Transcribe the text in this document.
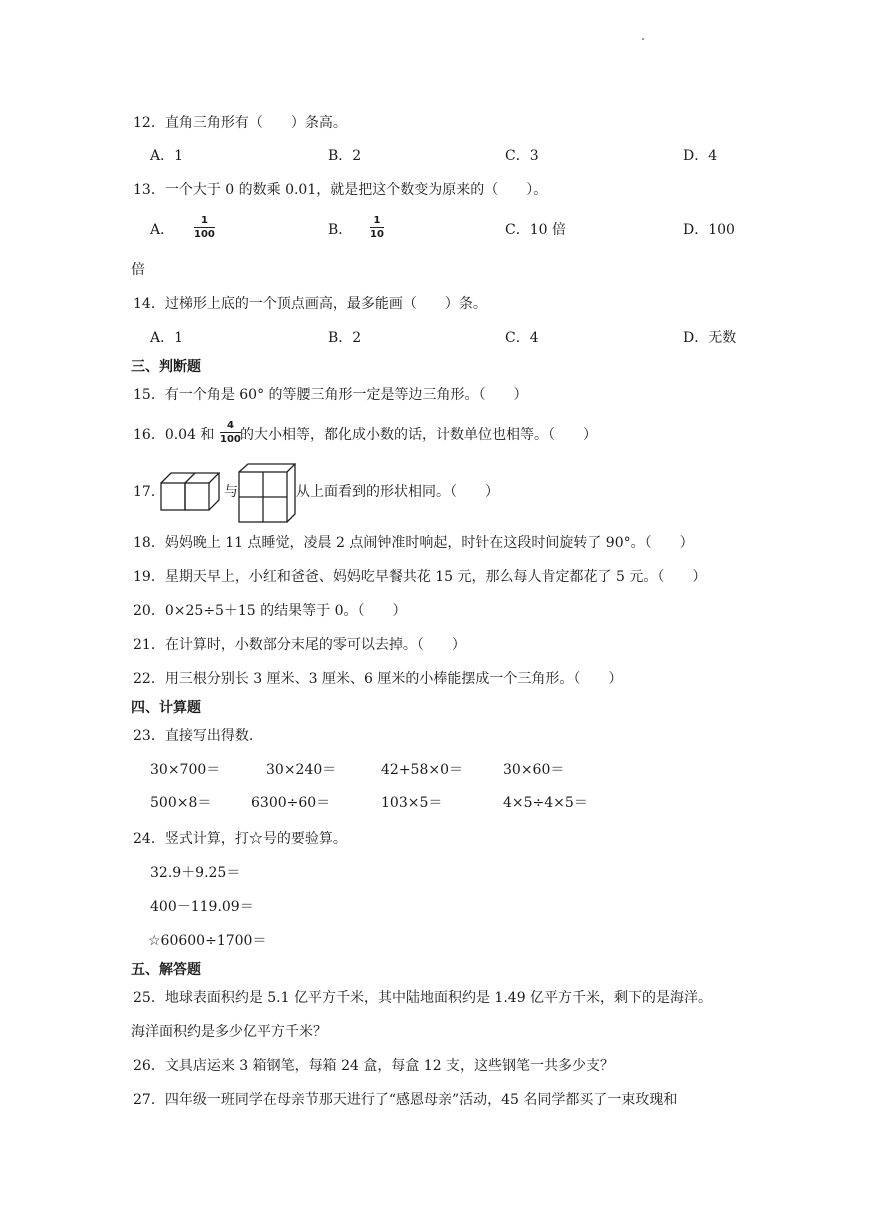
12．直角三角形有（　　）条高。
A．1	B．2	C．3	D．4
13．一个大于 0 的数乘 0.01，就是把这个数变为原来的（　　）。
A．
1
100	B．
1
10	C．10 倍	D．100
倍
14．过梯形上底的一个顶点画高，最多能画（　　）条。
A．1	B．2	C．4	D．无数
三、判断题
15．有一个角是 60° 的等腰三角形一定是等边三角形。（　　）
16．0.04 和
4
100 的大小相等，都化成小数的话，计数单位也相等。（　　）
17．	与	从上面看到的形状相同。（　　）
18．妈妈晚上 11 点睡觉，凌晨 2 点闹钟准时响起，时针在这段时间旋转了 90°。（　　）
19．星期天早上，小红和爸爸、妈妈吃早餐共花 15 元，那么每人肯定都花了 5 元。（　　）
20．0×25÷5＋15 的结果等于 0。（　　）
21．在计算时，小数部分末尾的零可以去掉。（　　）
22．用三根分别长 3 厘米、3 厘米、6 厘米的小棒能摆成一个三角形。（　　）
四、计算题
23．直接写出得数.
30×700＝	30×240＝	42+58×0＝	30×60＝
500×8＝	6300÷60＝	103×5＝	4×5÷4×5＝
24．竖式计算，打☆号的要验算。
32.9＋9.25＝
400－119.09＝
☆60600÷1700＝
五、解答题
25．地球表面积约是 5.1 亿平方千米，其中陆地面积约是 1.49 亿平方千米，剩下的是海洋。
海洋面积约是多少亿平方千米？
26．文具店运来 3 箱钢笔，每箱 24 盒，每盒 12 支，这些钢笔一共多少支？
27．四年级一班同学在母亲节那天进行了“感恩母亲”活动，45 名同学都买了一束玫瑰和
